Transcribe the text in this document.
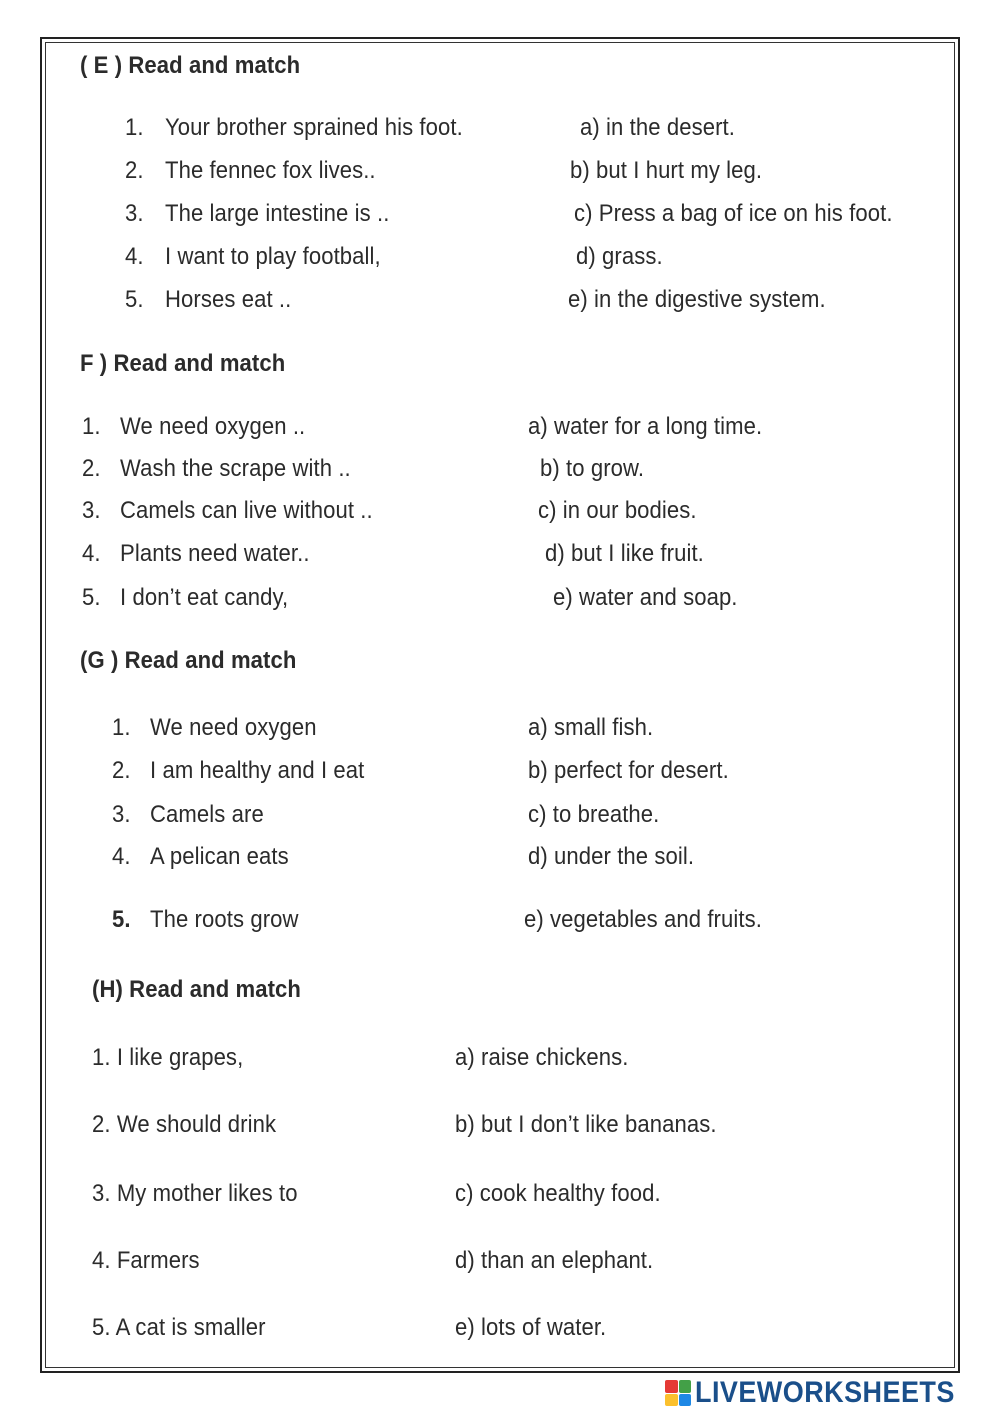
( E ) Read and match
1. Your brother sprained his foot.
2. The fennec fox lives..
3. The large intestine is ..
4. I want to play football,
5. Horses eat ..
a) in the desert.
b) but I hurt my leg.
c) Press a bag of ice on his foot.
d) grass.
e) in the digestive system.
F ) Read and match
1. We need oxygen ..
2. Wash the scrape with ..
3. Camels can live without ..
4. Plants need water..
5. I don’t eat candy,
a) water for a long time.
b) to grow.
c) in our bodies.
d) but I like fruit.
e) water and soap.
(G ) Read and match
1. We need oxygen
2. I am healthy and I eat
3. Camels are
4. A pelican eats
5. The roots grow
a) small fish.
b) perfect for desert.
c) to breathe.
d) under the soil.
e) vegetables and fruits.
(H) Read and match
1. I like grapes,
2. We should drink
3. My mother likes to
4. Farmers
5. A cat is smaller
a) raise chickens.
b) but I don’t like bananas.
c) cook healthy food.
d) than an elephant.
e) lots of water.
LIVEWORKSHEETS
